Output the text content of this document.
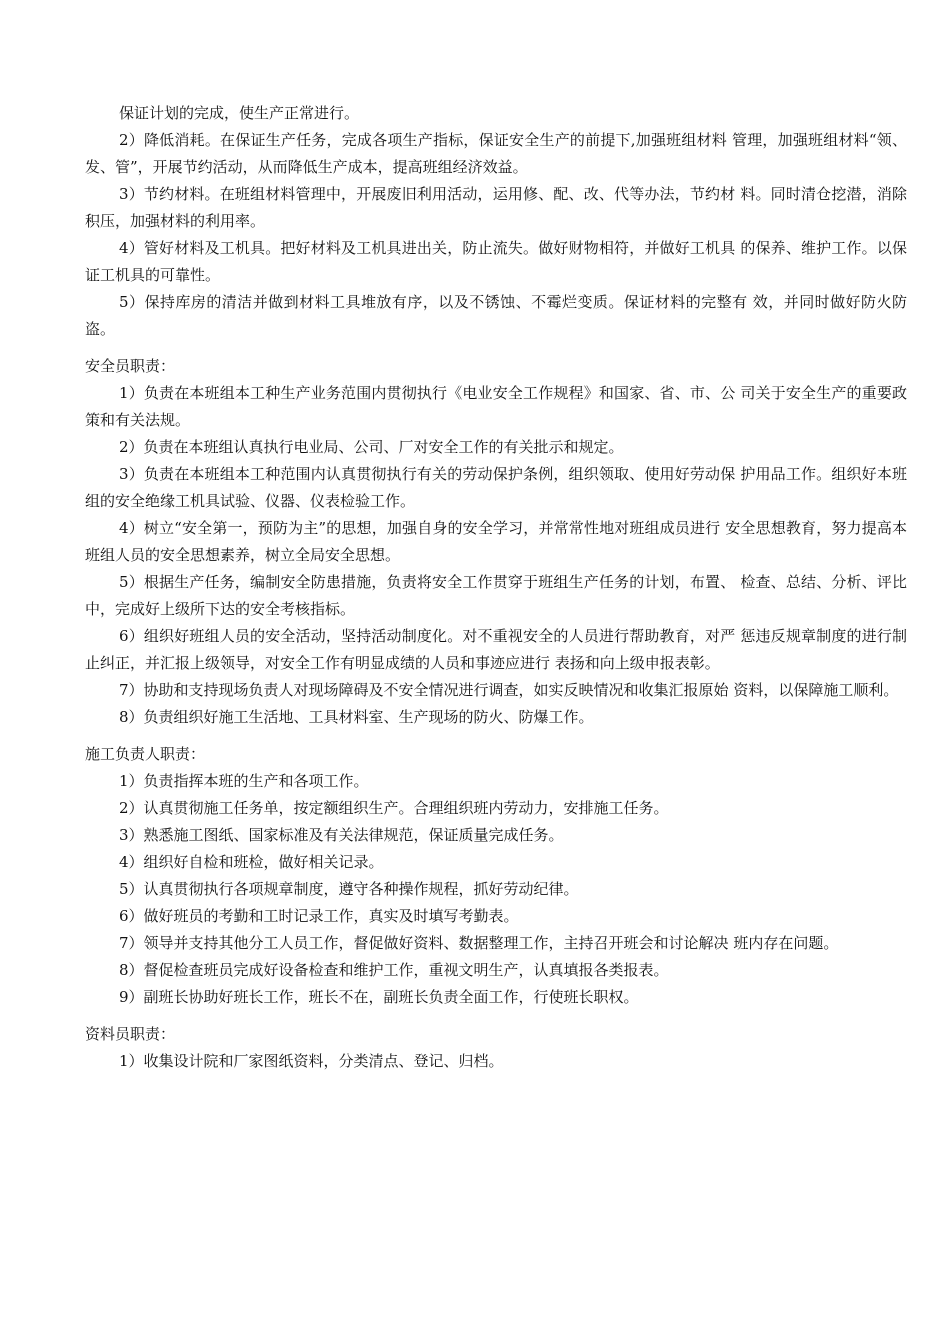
保证计划的完成，使生产正常进行。

2）降低消耗。在保证生产任务，完成各项生产指标，保证安全生产的前提下,加强班组材料 管理，加强班组材料“领、发、管”，开展节约活动，从而降低生产成本，提高班组经济效益。

3）节约材料。在班组材料管理中，开展废旧利用活动，运用修、配、改、代等办法，节约材 料。同时清仓挖潜，消除积压，加强材料的利用率。

4）管好材料及工机具。把好材料及工机具进出关，防止流失。做好财物相符，并做好工机具 的保养、维护工作。以保证工机具的可靠性。

5）保持库房的清洁并做到材料工具堆放有序，以及不锈蚀、不霉烂变质。保证材料的完整有 效，并同时做好防火防盗。

安全员职责：

1）负责在本班组本工种生产业务范围内贯彻执行《电业安全工作规程》和国家、省、市、公 司关于安全生产的重要政策和有关法规。

2）负责在本班组认真执行电业局、公司、厂对安全工作的有关批示和规定。

3）负责在本班组本工种范围内认真贯彻执行有关的劳动保护条例，组织领取、使用好劳动保 护用品工作。组织好本班组的安全绝缘工机具试验、仪器、仪表检验工作。

4）树立“安全第一，预防为主”的思想，加强自身的安全学习，并常常性地对班组成员进行 安全思想教育，努力提高本班组人员的安全思想素养，树立全局安全思想。

5）根据生产任务，编制安全防患措施，负责将安全工作贯穿于班组生产任务的计划，布置、 检查、总结、分析、评比中，完成好上级所下达的安全考核指标。

6）组织好班组人员的安全活动，坚持活动制度化。对不重视安全的人员进行帮助教育，对严 惩违反规章制度的进行制止纠正，并汇报上级领导，对安全工作有明显成绩的人员和事迹应进行 表扬和向上级申报表彰。

7）协助和支持现场负责人对现场障碍及不安全情况进行调查，如实反映情况和收集汇报原始 资料，以保障施工顺利。

8）负责组织好施工生活地、工具材料室、生产现场的防火、防爆工作。

施工负责人职责：

1）负责指挥本班的生产和各项工作。

2）认真贯彻施工任务单，按定额组织生产。合理组织班内劳动力，安排施工任务。

3）熟悉施工图纸、国家标准及有关法律规范，保证质量完成任务。

4）组织好自检和班检，做好相关记录。

5）认真贯彻执行各项规章制度，遵守各种操作规程，抓好劳动纪律。

6）做好班员的考勤和工时记录工作，真实及时填写考勤表。

7）领导并支持其他分工人员工作，督促做好资料、数据整理工作，主持召开班会和讨论解决 班内存在问题。

8）督促检查班员完成好设备检查和维护工作，重视文明生产，认真填报各类报表。

9）副班长协助好班长工作，班长不在，副班长负责全面工作，行使班长职权。

资料员职责：

1）收集设计院和厂家图纸资料，分类清点、登记、归档。
